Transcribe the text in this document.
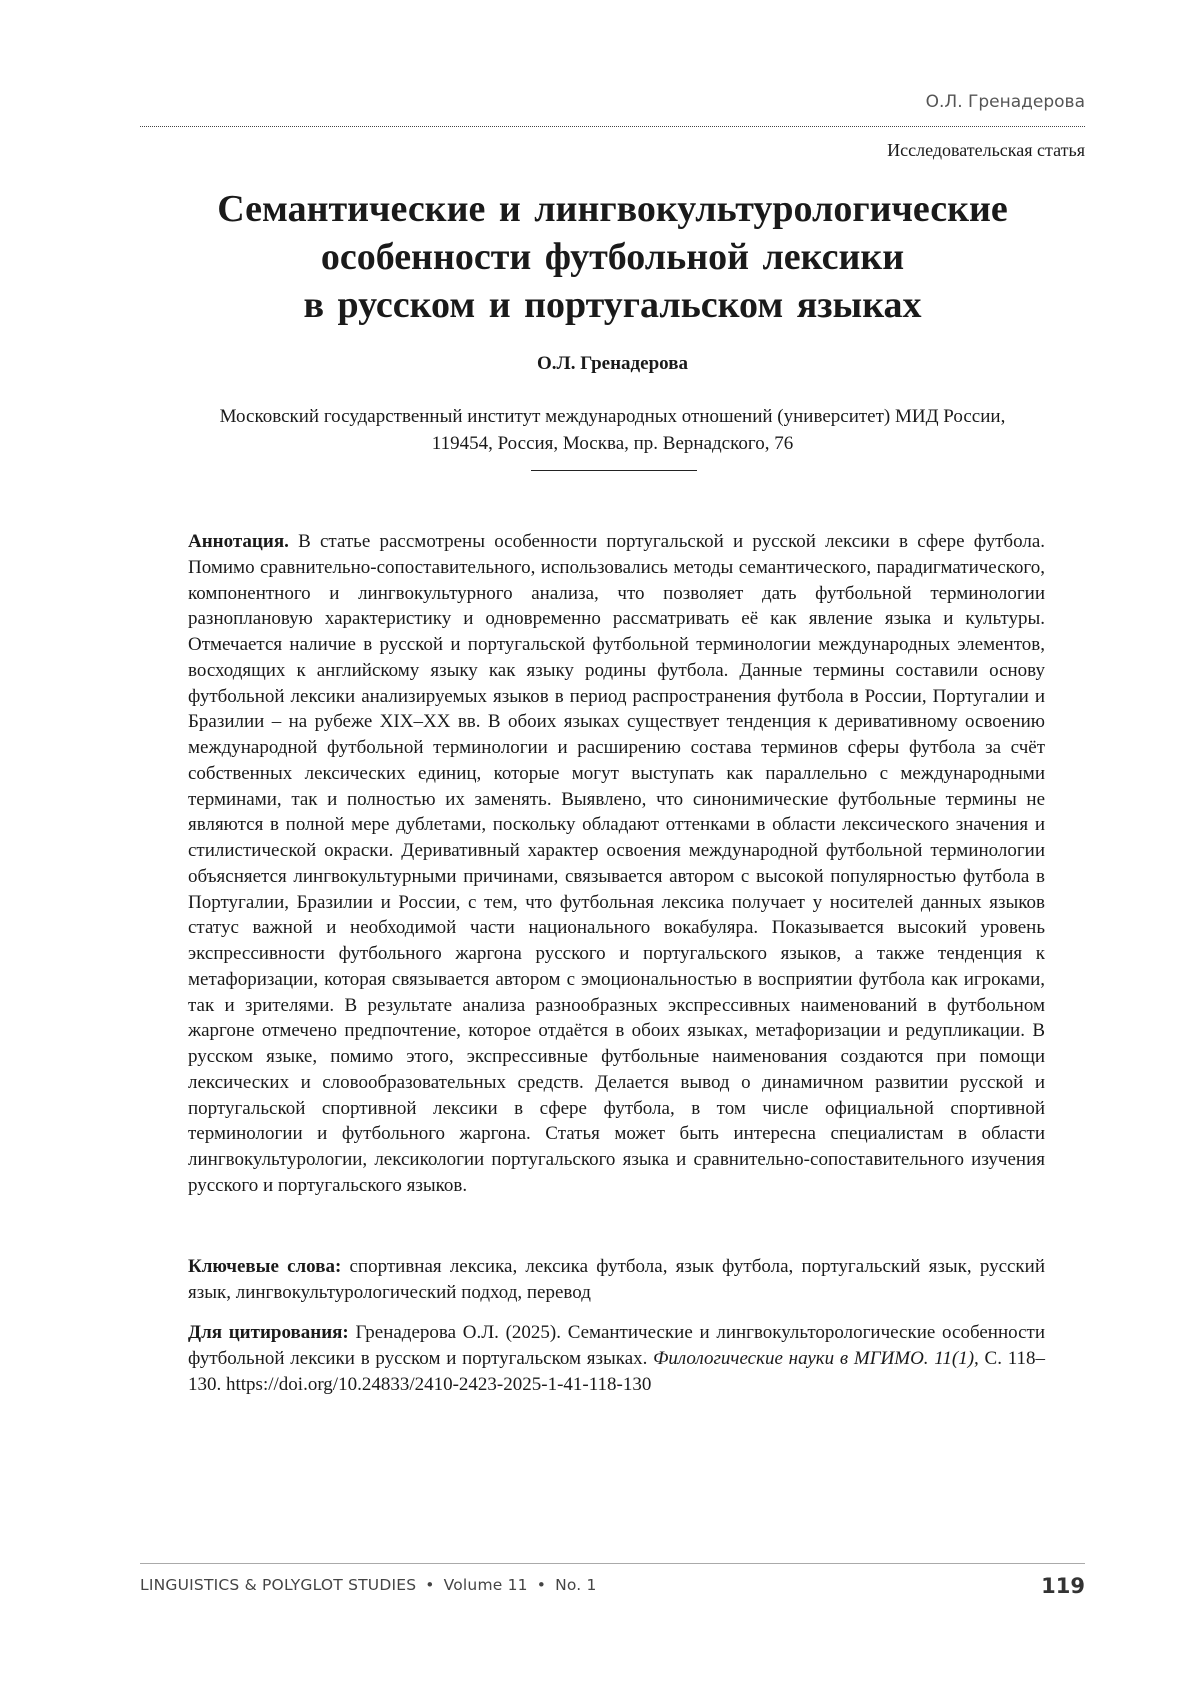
О.Л. Гренадерова
Исследовательская статья
Семантические и лингвокультурологические
особенности футбольной лексики
в русском и португальском языках
О.Л. Гренадерова
Московский государственный институт международных отношений (университет) МИД России,
119454, Россия, Москва, пр. Вернадского, 76

Аннотация. В статье рассмотрены особенности португальской и русской лексики в сфере футбола. Помимо сравнительно-сопоставительного, использовались методы семантического, парадигматического, компонентного и лингвокультурного анализа, что позволяет дать футбольной терминологии разноплановую характеристику и одновременно рассматривать её как явление языка и культуры. Отмечается наличие в русской и португальской футбольной терминологии международных элементов, восходящих к английскому языку как языку родины футбола. Данные термины составили основу футбольной лексики анализируемых языков в период распространения футбола в России, Португалии и Бразилии – на рубеже XIX–XX вв. В обоих языках существует тенденция к деривативному освоению международной футбольной терминологии и расширению состава терминов сферы футбола за счёт собственных лексических единиц, которые могут выступать как параллельно с международными терминами, так и полностью их заменять. Выявлено, что синонимические футбольные термины не являются в полной мере дублетами, поскольку обладают оттенками в области лексического значения и стилистической окраски. Деривативный характер освоения международной футбольной терминологии объясняется лингвокультурными причинами, связывается автором с высокой популярностью футбола в Португалии, Бразилии и России, с тем, что футбольная лексика получает у носителей данных языков статус важной и необходимой части национального вокабуляра. Показывается высокий уровень экспрессивности футбольного жаргона русского и португальского языков, а также тенденция к метафоризации, которая связывается автором с эмоциональностью в восприятии футбола как игроками, так и зрителями. В результате анализа разнообразных экспрессивных наименований в футбольном жаргоне отмечено предпочтение, которое отдаётся в обоих языках, метафоризации и редупликации. В русском языке, помимо этого, экспрессивные футбольные наименования создаются при помощи лексических и словообразовательных средств. Делается вывод о динамичном развитии русской и португальской спортивной лексики в сфере футбола, в том числе официальной спортивной терминологии и футбольного жаргона. Статья может быть интересна специалистам в области лингвокультурологии, лексикологии португальского языка и сравнительно-сопоставительного изучения русского и португальского языков.

Ключевые слова: спортивная лексика, лексика футбола, язык футбола, португальский язык, русский язык, лингвокультурологический подход, перевод

Для цитирования: Гренадерова О.Л. (2025). Семантические и лингвокульторологические особенности футбольной лексики в русском и португальском языках. Филологические науки в МГИМО. 11(1), С. 118–130. https://doi.org/10.24833/2410-2423-2025-1-41-118-130

LINGUISTICS & POLYGLOT STUDIES • Volume 11 • No. 1	119
